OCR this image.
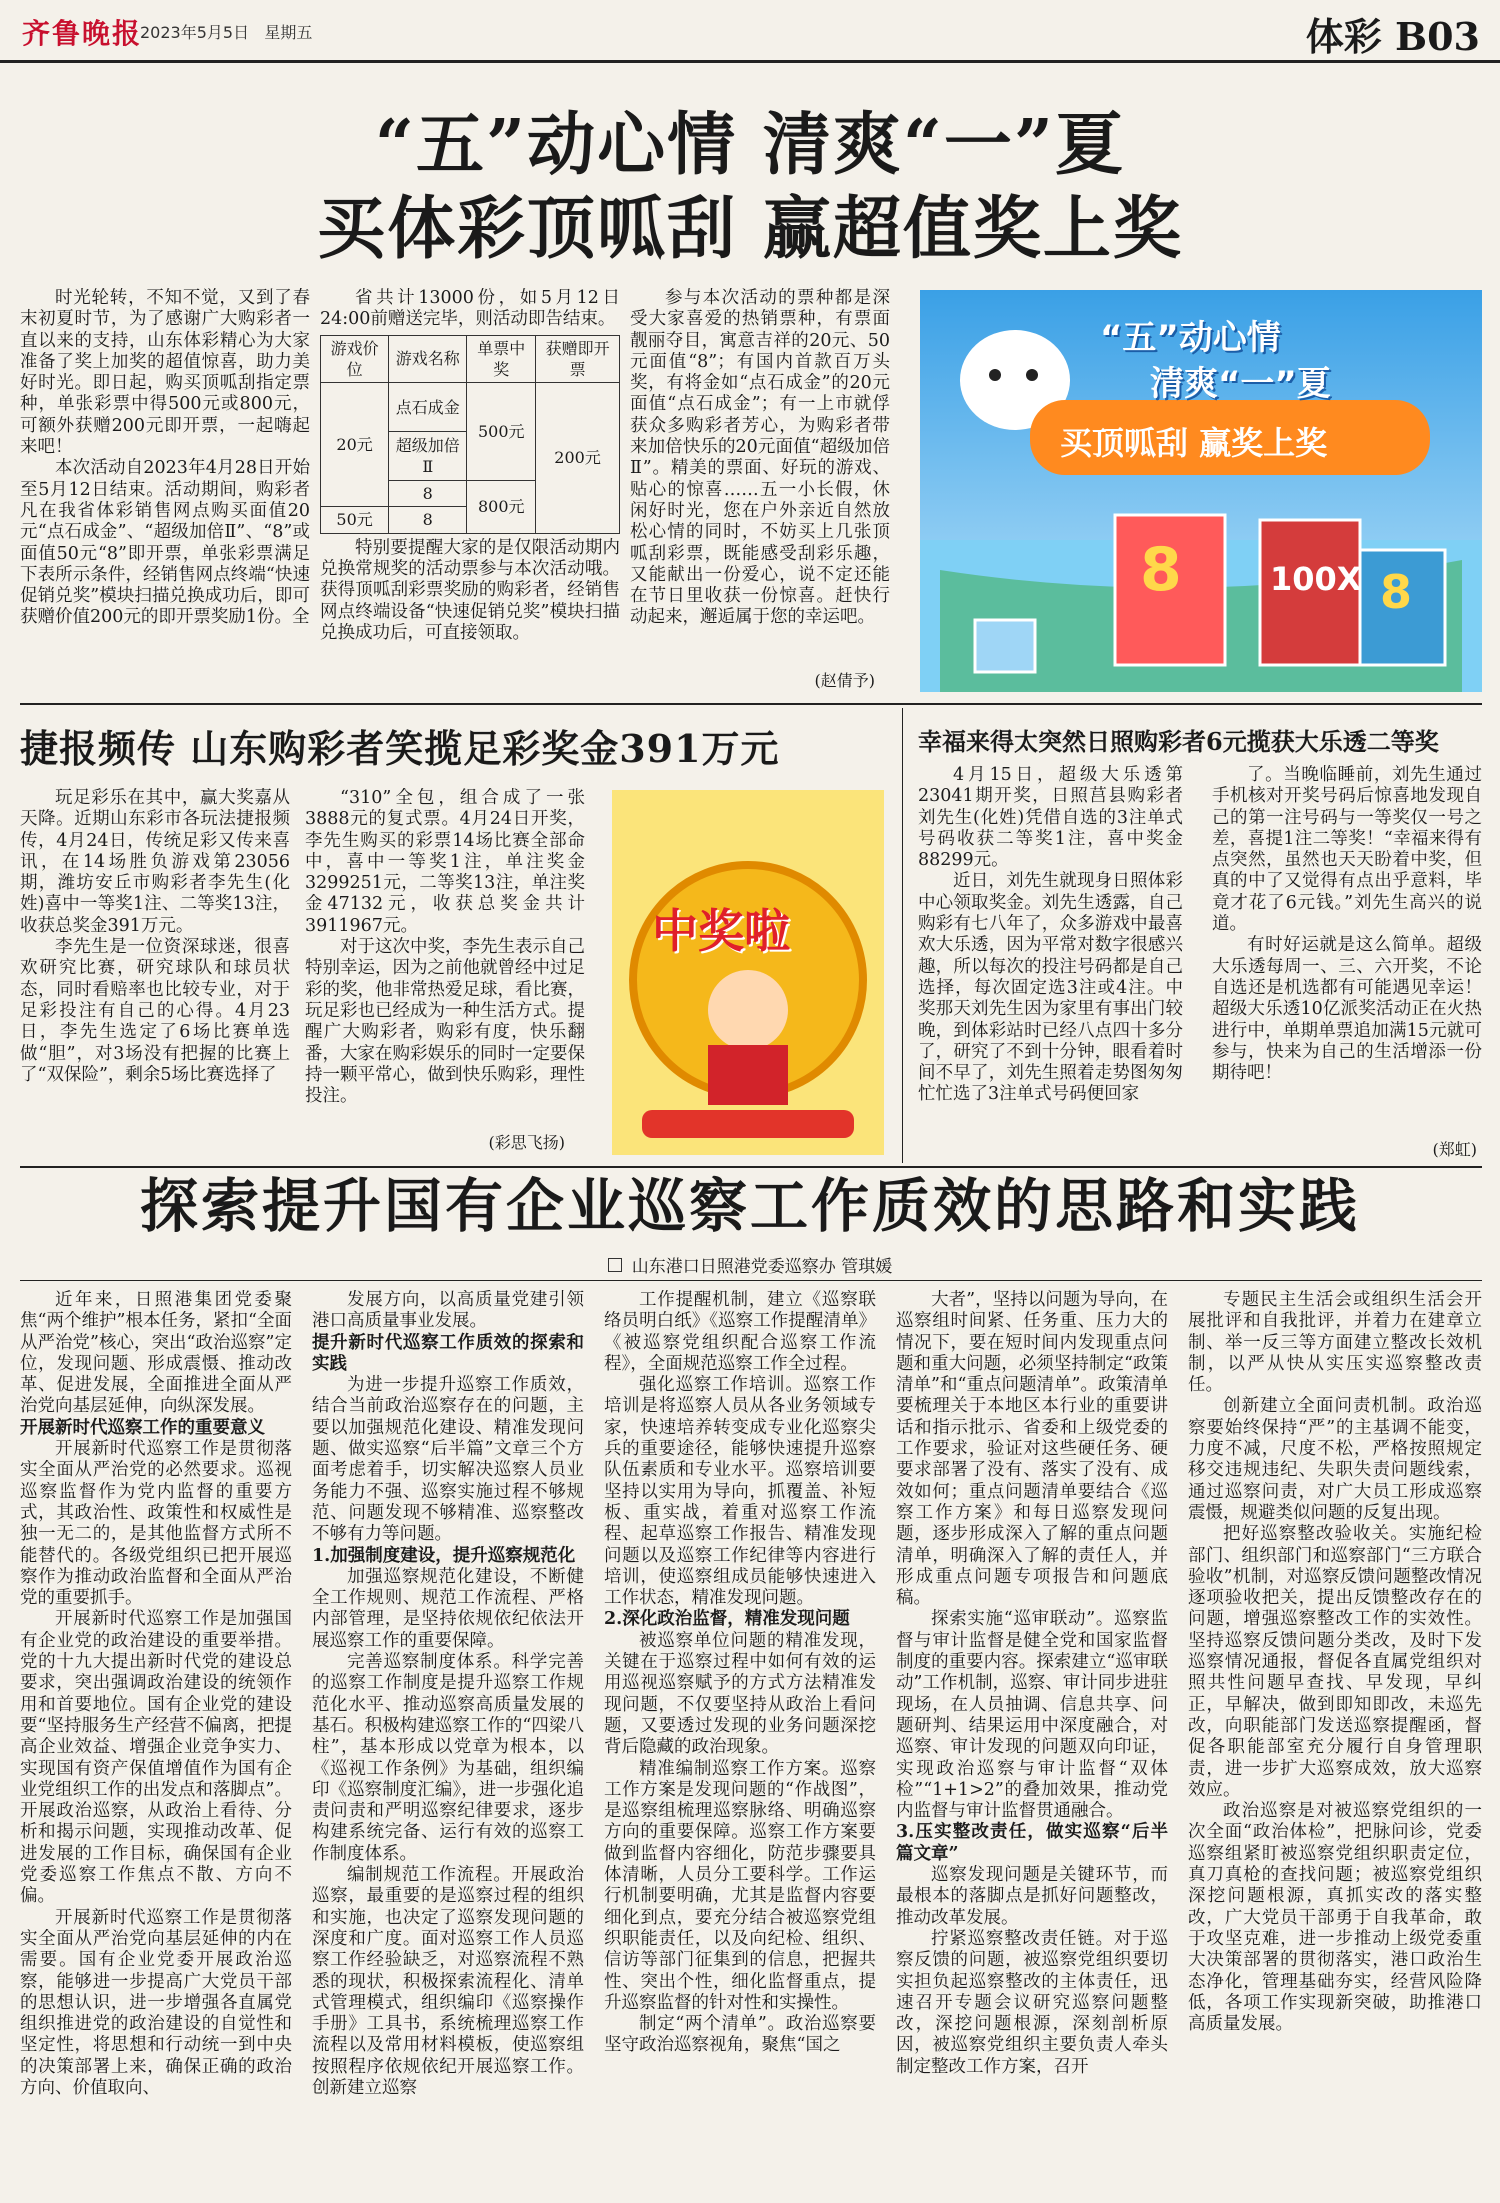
齐鲁晚报
2023年5月5日 星期五	体彩 B03
“五”动心情 清爽“一”夏
买体彩顶呱刮 赢超值奖上奖

时光轮转，不知不觉，又到了春末初夏时节，为了感谢广大购彩者一直以来的支持，山东体彩精心为大家准备了奖上加奖的超值惊喜，助力美好时光。即日起，购买顶呱刮指定票种，单张彩票中得500元或800元，可额外获赠200元即开票，一起嗨起来吧！

本次活动自2023年4月28日开始至5月12日结束。活动期间，购彩者凡在我省体彩销售网点购买面值20元“点石成金”、“超级加倍Ⅱ”、“8”或面值50元“8”即开票，单张彩票满足下表所示条件，经销售网点终端“快速促销兑奖”模块扫描兑换成功后，即可获赠价值200元的即开票奖励1份。全

省共计13000份，如5月12日24:00前赠送完毕，则活动即告结束。

游戏价位	游戏名称	单票中奖	获赠即开票
20元	点石成金	500元	200元
	超级加倍Ⅱ		
	8	800元	
50元	8		

特别要提醒大家的是仅限活动期内兑换常规奖的活动票参与本次活动哦。获得顶呱刮彩票奖励的购彩者，经销售网点终端设备“快速促销兑奖”模块扫描兑换成功后，可直接领取。

参与本次活动的票种都是深受大家喜爱的热销票种，有票面靓丽夺目，寓意吉祥的20元、50元面值“8”；有国内首款百万头奖，有将金如“点石成金”的20元面值“点石成金”；有一上市就俘获众多购彩者芳心，为购彩者带来加倍快乐的20元面值“超级加倍Ⅱ”。精美的票面、好玩的游戏、贴心的惊喜……五一小长假，休闲好时光，您在户外亲近自然放松心情的同时，不妨买上几张顶呱刮彩票，既能感受刮彩乐趣，又能献出一份爱心，说不定还能在节日里收获一份惊喜。赶快行动起来，邂逅属于您的幸运吧。

(赵倩予)
“五”动心情
清爽“一”夏
买顶呱刮 赢奖上奖
8	100X 8
捷报频传 山东购彩者笑揽足彩奖金391万元

玩足彩乐在其中，赢大奖嘉从天降。近期山东彩市各玩法捷报频传，4月24日，传统足彩又传来喜讯，在14场胜负游戏第23056期，潍坊安丘市购彩者李先生(化姓)喜中一等奖1注、二等奖13注，收获总奖金391万元。

李先生是一位资深球迷，很喜欢研究比赛，研究球队和球员状态，同时看赔率也比较专业，对于足彩投注有自己的心得。4月23日，李先生选定了6场比赛单选做“胆”，对3场没有把握的比赛上了“双保险”，剩余5场比赛选择了

“310”全包，组合成了一张3888元的复式票。4月24日开奖，李先生购买的彩票14场比赛全部命中，喜中一等奖1注，单注奖金3299251元，二等奖13注，单注奖金47132元，收获总奖金共计3911967元。

对于这次中奖，李先生表示自己特别幸运，因为之前他就曾经中过足彩的奖，他非常热爱足球，看比赛，玩足彩也已经成为一种生活方式。提醒广大购彩者，购彩有度，快乐翻番，大家在购彩娱乐的同时一定要保持一颗平常心，做到快乐购彩，理性投注。

(彩思飞扬)
中奖啦
幸福来得太突然日照购彩者6元揽获大乐透二等奖

4月15日，超级大乐透第23041期开奖，日照莒县购彩者刘先生(化姓)凭借自选的3注单式号码收获二等奖1注，喜中奖金88299元。

近日，刘先生就现身日照体彩中心领取奖金。刘先生透露，自己购彩有七八年了，众多游戏中最喜欢大乐透，因为平常对数字很感兴趣，所以每次的投注号码都是自己选择，每次固定选3注或4注。中奖那天刘先生因为家里有事出门较晚，到体彩站时已经八点四十多分了，研究了不到十分钟，眼看着时间不早了，刘先生照着走势图匆匆忙忙选了3注单式号码便回家

了。当晚临睡前，刘先生通过手机核对开奖号码后惊喜地发现自己的第一注号码与一等奖仅一号之差，喜提1注二等奖！“幸福来得有点突然，虽然也天天盼着中奖，但真的中了又觉得有点出乎意料，毕竟才花了6元钱。”刘先生高兴的说道。

有时好运就是这么简单。超级大乐透每周一、三、六开奖，不论自选还是机选都有可能遇见幸运！超级大乐透10亿派奖活动正在火热进行中，单期单票追加满15元就可参与，快来为自己的生活增添一份期待吧！

(郑虹)
探索提升国有企业巡察工作质效的思路和实践
山东港口日照港党委巡察办 管琪媛

近年来，日照港集团党委聚焦“两个维护”根本任务，紧扣“全面从严治党”核心，突出“政治巡察”定位，发现问题、形成震慑、推动改革、促进发展，全面推进全面从严治党向基层延伸，向纵深发展。

开展新时代巡察工作的重要意义

开展新时代巡察工作是贯彻落实全面从严治党的必然要求。巡视巡察监督作为党内监督的重要方式，其政治性、政策性和权威性是独一无二的，是其他监督方式所不能替代的。各级党组织已把开展巡察作为推动政治监督和全面从严治党的重要抓手。

开展新时代巡察工作是加强国有企业党的政治建设的重要举措。党的十九大提出新时代党的建设总要求，突出强调政治建设的统领作用和首要地位。国有企业党的建设要“坚持服务生产经营不偏离，把提高企业效益、增强企业竞争实力、实现国有资产保值增值作为国有企业党组织工作的出发点和落脚点”。开展政治巡察，从政治上看待、分析和揭示问题，实现推动改革、促进发展的工作目标，确保国有企业党委巡察工作焦点不散、方向不偏。

开展新时代巡察工作是贯彻落实全面从严治党向基层延伸的内在需要。国有企业党委开展政治巡察，能够进一步提高广大党员干部的思想认识，进一步增强各直属党组织推进党的政治建设的自觉性和坚定性，将思想和行动统一到中央的决策部署上来，确保正确的政治方向、价值取向、

发展方向，以高质量党建引领港口高质量事业发展。

提升新时代巡察工作质效的探索和实践

为进一步提升巡察工作质效，结合当前政治巡察存在的问题，主要以加强规范化建设、精准发现问题、做实巡察“后半篇”文章三个方面考虑着手，切实解决巡察人员业务能力不强、巡察实施过程不够规范、问题发现不够精准、巡察整改不够有力等问题。

1.加强制度建设，提升巡察规范化

加强巡察规范化建设，不断健全工作规则、规范工作流程、严格内部管理，是坚持依规依纪依法开展巡察工作的重要保障。

完善巡察制度体系。科学完善的巡察工作制度是提升巡察工作规范化水平、推动巡察高质量发展的基石。积极构建巡察工作的“四梁八柱”，基本形成以党章为根本，以《巡视工作条例》为基础，组织编印《巡察制度汇编》，进一步强化追责问责和严明巡察纪律要求，逐步构建系统完备、运行有效的巡察工作制度体系。

编制规范工作流程。开展政治巡察，最重要的是巡察过程的组织和实施，也决定了巡察发现问题的深度和广度。面对巡察工作人员巡察工作经验缺乏，对巡察流程不熟悉的现状，积极探索流程化、清单式管理模式，组织编印《巡察操作手册》工具书，系统梳理巡察工作流程以及常用材料模板，使巡察组按照程序依规依纪开展巡察工作。创新建立巡察

工作提醒机制，建立《巡察联络员明白纸》《巡察工作提醒清单》《被巡察党组织配合巡察工作流程》，全面规范巡察工作全过程。

强化巡察工作培训。巡察工作培训是将巡察人员从各业务领域专家，快速培养转变成专业化巡察尖兵的重要途径，能够快速提升巡察队伍素质和专业水平。巡察培训要坚持以实用为导向，抓覆盖、补短板、重实战，着重对巡察工作流程、起草巡察工作报告、精准发现问题以及巡察工作纪律等内容进行培训，使巡察组成员能够快速进入工作状态，精准发现问题。

2.深化政治监督，精准发现问题

被巡察单位问题的精准发现，关键在于巡察过程中如何有效的运用巡视巡察赋予的方式方法精准发现问题，不仅要坚持从政治上看问题，又要透过发现的业务问题深挖背后隐藏的政治现象。

精准编制巡察工作方案。巡察工作方案是发现问题的“作战图”，是巡察组梳理巡察脉络、明确巡察方向的重要保障。巡察工作方案要做到监督内容细化，防范步骤要具体清晰，人员分工要科学。工作运行机制要明确，尤其是监督内容要细化到点，要充分结合被巡察党组织职能责任，以及向纪检、组织、信访等部门征集到的信息，把握共性、突出个性，细化监督重点，提升巡察监督的针对性和实操性。

制定“两个清单”。政治巡察要坚守政治巡察视角，聚焦“国之

大者”，坚持以问题为导向，在巡察组时间紧、任务重、压力大的情况下，要在短时间内发现重点问题和重大问题，必须坚持制定“政策清单”和“重点问题清单”。政策清单要梳理关于本地区本行业的重要讲话和指示批示、省委和上级党委的工作要求，验证对这些硬任务、硬要求部署了没有、落实了没有、成效如何；重点问题清单要结合《巡察工作方案》和每日巡察发现问题，逐步形成深入了解的重点问题清单，明确深入了解的责任人，并形成重点问题专项报告和问题底稿。

探索实施“巡审联动”。巡察监督与审计监督是健全党和国家监督制度的重要内容。探索建立“巡审联动”工作机制，巡察、审计同步进驻现场，在人员抽调、信息共享、问题研判、结果运用中深度融合，对巡察、审计发现的问题双向印证，实现政治巡察与审计监督“双体检”“1+1>2”的叠加效果，推动党内监督与审计监督贯通融合。

3.压实整改责任，做实巡察“后半篇文章”

巡察发现问题是关键环节，而最根本的落脚点是抓好问题整改，推动改革发展。

拧紧巡察整改责任链。对于巡察反馈的问题，被巡察党组织要切实担负起巡察整改的主体责任，迅速召开专题会议研究巡察问题整改，深挖问题根源，深刻剖析原因，被巡察党组织主要负责人牵头制定整改工作方案，召开

专题民主生活会或组织生活会开展批评和自我批评，并着力在建章立制、举一反三等方面建立整改长效机制，以严从快从实压实巡察整改责任。

创新建立全面问责机制。政治巡察要始终保持“严”的主基调不能变，力度不减，尺度不松，严格按照规定移交违规违纪、失职失责问题线索，通过巡察问责，对广大员工形成巡察震慑，规避类似问题的反复出现。

把好巡察整改验收关。实施纪检部门、组织部门和巡察部门“三方联合验收”机制，对巡察反馈问题整改情况逐项验收把关，提出反馈整改存在的问题，增强巡察整改工作的实效性。坚持巡察反馈问题分类改，及时下发巡察情况通报，督促各直属党组织对照共性问题早查找、早发现，早纠正，早解决，做到即知即改，未巡先改，向职能部门发送巡察提醒函，督促各职能部室充分履行自身管理职责，进一步扩大巡察成效，放大巡察效应。

政治巡察是对被巡察党组织的一次全面“政治体检”，把脉问诊，党委巡察组紧盯被巡察党组织职责定位，真刀真枪的查找问题；被巡察党组织深挖问题根源，真抓实改的落实整改，广大党员干部勇于自我革命，敢于攻坚克难，进一步推动上级党委重大决策部署的贯彻落实，港口政治生态净化，管理基础夯实，经营风险降低，各项工作实现新突破，助推港口高质量发展。
